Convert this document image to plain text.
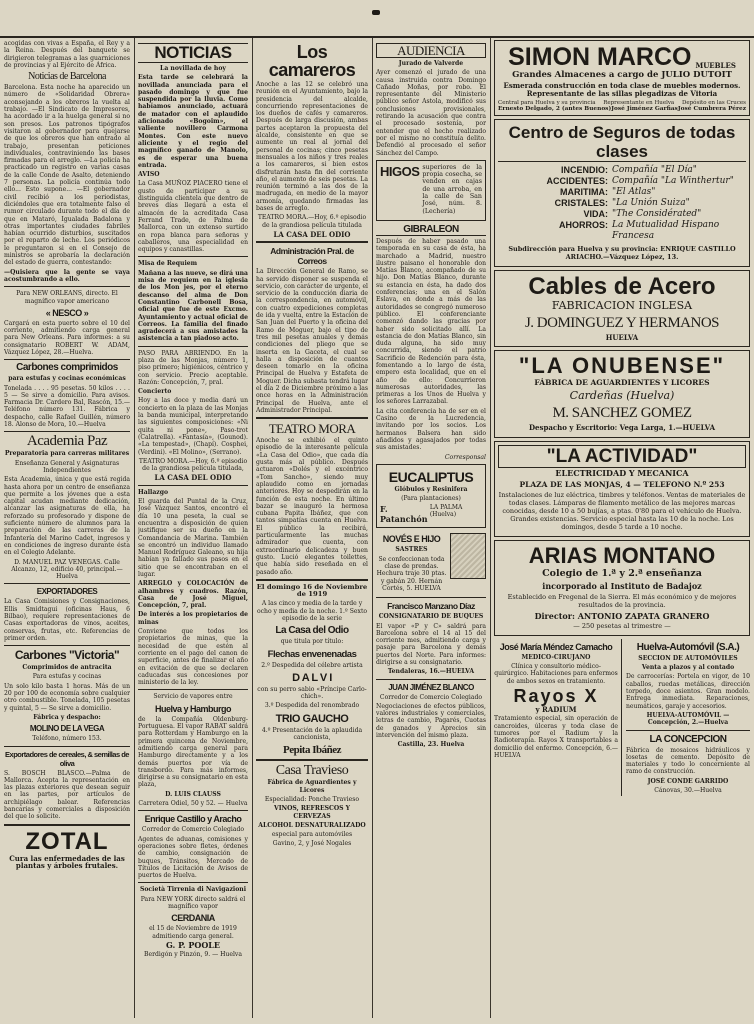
acogidas con vivas a España, el Rey y a la Reina. Después del banquete se dirigieron telegramas a las guarniciones de provincias y al Ejército de África.

Noticias de Barcelona

Barcelona. Esta noche ha aparecido un número de «Solidaridad Obrera» aconsejando a los obreros la vuelta al trabajo. —El Sindicato de Impresores, ha acordado ir a la huelga general si no son presos. Los patronos tipógrafos visitaron al gobernador para quejarse de que los obreros que han entrado al trabajo, presentan peticiones individuales, contraviniendo las bases firmadas para el arreglo. —La policía ha practicado un registro en varias casas de la calle Conde de Asalto, deteniendo 7 personas. La policía continúa todo ello... Esto supone... —El gobernador civil recibió a los periodistas, diciéndoles que era totalmente falso el rumor circulado durante todo el día de que en Mataró, Igualada Badalona y otras importantes ciudades fabriles habían ocurrido disturbios, suscitados por el reparto de leche. Los periódicos le preguntaron si en el Consejo de ministros se aprobaría la declaración del estado de guerra, contestando:

—Quisiera que la gente se vaya acostumbrando a ello.

Para NEW ORLEANS, directo. El magnífico vapor americano

« NESCO »

Cargará en esta puerto sobre el 10 del corriente, admitiendo carga general para New Orleans. Para informes: a su consignatario ROBERT W. ADAM, Vázquez López, 28.—Huelva.

Carbones comprimidos

para estufas y cocinas económicas

Tonelada . . . . 95 pesetas. 50 kilos . . . . 5 — Se sirve a domicilio. Para avisos. Farmacia Dr. Cardero Bal, Rascón, 15.—Teléfono número 131. Fábrica y despacho, calle Rafael Guillén, número 18. Alonso de Mora, 10.—Huelva

Academia Paz

Preparatoria para carreras militares

Enseñanza General y Asignaturas Independientes

Esta Academia, única y que está regida hasta ahora por un centro de enseñanza que permite a los jóvenes que a esta capital acudan mediante dedicación, alcanzar las asignaturas de ella, ha reforzado su profesorado y dispone de suficiente número de alumnos para la preparación de las carreras de la Infantería del Marino Cadet, ingresos y en condiciones de ingreso durante ésta en el Colegio Adelante.

D. MANUEL PAZ VENEGAS. Calle Alcanzo, 12, edificio 40, principal.—Huelva

EXPORTADORES

La Casa Comisiones y Consignaciones, Ellis Smidtagui (oficinas Haus, 6 Bilbao), requiere representaciones de Casas exportadoras de vinos, aceites, conservas, frutas, etc. Referencias de primer orden.

Carbones "Victoria"

Comprimidos de antracita

Para estufas y cocinas

Un solo kilo basta 1 horas. Más de un 20 por 100 de economía sobre cualquier otro combustible. Tonelada, 105 pesetas y quintal, 5 — Se sirve a domicilio.

Fábrica y despacho:

MOLINO DE LA VEGA

Teléfono, número 153.

Exportadores de cereales, & semillas de oliva

S. BOSCH BLASCO.—Palma de Mallorca. Acepta la representación en las plazas exteriores que desean seguir en las partes, por artículos de archipiélago balear. Referencias bancarias y comerciales a disposición del que lo solicite.

ZOTAL

Cura las enfermedades de las plantas y árboles frutales.

NOTICIAS

La novillada de hoy

Esta tarde se celebrará la novillada anunciada para el pasado domingo y que fue suspendida por la lluvia. Como habíamos anunciado, actuará de matador con el aplaudido aficionado «Bogoim», el valiente novillero Carmona Montes. Con este nuevo aliciente y el regio del magnífico ganado de Manolo, es de esperar una buena entrada.

AVISO

La Casa MUÑOZ PIACERO tiene el gusto de participar a su distinguida clientela que dentro de breves días llegará a esta el almacén de la acreditada Casa Ferrand Trade, de Palma de Mallorca, con un extenso surtido en ropa blanca para señoras y caballeros, una especialidad en equipos y canastillas.

Misa de Requiem

Mañana a las nueve, se dirá una misa de requiem en la iglesia de los Mon jes, por el eterno descanso del alma de Don Constantino Carbonell Bosa, oficial que fue de este Excmo. Ayuntamiento y actual oficial de Correos. La familia del finado agradecerá a sus amistades la asistencia a tan piadoso acto.

PASO PARA ABRIENDO. En la plaza de las Monjas, número 1, piso primero; higiénicos, céntrico y con servicio. Precio aceptable. Razón: Concepción, 7, pral.

Concierto

Hoy a las doce y media dará un concierto en la plaza de las Monjas la banda municipal, interpretando las siguientes composiciones: «Ni quita ni pone», Paso-trot (Calatrella). «Fantasía», (Gounod). «La tempestad», (Chapí). Cosphei, (Verdini). «El Molino», (Serrano).

TEATRO MORA.—Hoy, 6.º episodio de la grandiosa película titulada,

LA CASA DEL ODIO

Hallazgo

El guarda del Puntal de la Cruz, José Vázquez Santos, encontró el día 10 una peseta, la cual se encuentra a disposición de quien justifique ser su dueño en la Comandancia de Marina. También se encontró un individuo llamado Manuel Rodríguez Galeano, su hija habían ya fallado sus pasos en el sitio que se encontraban en el lugar.

ARREGLO y COLOCACIÓN de alhambres y cuadros. Razón, Casa de José Miguel, Concepción, 7, pral.

De interés a los propietarios de minas

Conviene que todos los propietarios de minas, que la necesidad de que estén al corriente en el pago del canon de superficie, antes de finalizar el año en evitación de que se declaren caducadas sus concesiones por ministerio de la ley.

Servicio de vapores entre

Huelva y Hamburgo

de la Compañía Oldenburg-Portuguesa. El vapor RABAT saldrá para Rotterdam y Hamburgo en la primera quincena de Noviembre, admitiendo carga general para Hamburgo directamente y a los demás puertos por vía de transbordo. Para más informes, dirigirse a su consignatario en esta plaza,

D. LUIS CLAUSS

Carretera Odiel, 50 y 52. — Huelva

Enrique Castillo y Aracho

Corredor de Comercio Colegiado

Agentes de aduanas, comisiones y operaciones sobre fletes, órdenes de cambio, consignación de buques, Tránsitos, Mercado de Títulos de Licitación de Avisos de puertos de Huelva.

Società Tirrenia di Navigazioni

Para NEW YORK directo saldrá el magnífico vapor

CERDANIA

el 15 de Noviembre de 1919 admitiendo carga general.

G. P. POOLE

Berdigón y Pinzón, 9. — Huelva

Los camareros

Anoche a las 12 se celebró una reunión en el Ayuntamiento, bajo la presidencia del alcalde, concurriendo representaciones de los dueños de cafés y camareros. Después de larga discusión, ambas partes aceptaron la propuesta del alcalde, consistente en que se aumente un real al jornal del personal de cocinas; cinco pesetas mensuales a los niños y tres reales a los camareros, si bien estos disfrutarán hasta fin del corriente año, el aumento de seis pesetas. La reunión terminó a las dos de la madrugada, en medio de la mayor armonía, quedando firmadas las bases de arreglo.

TEATRO MORA.—Hoy, 6.º episodio de la grandiosa película titulada

LA CASA DEL ODIO

Administración Pral. de Correos

La Dirección General de Ramo, se ha servido disponer se suspenda el servicio, con carácter de urgente, el servicio de la conducción diaria de la correspondencia, en automóvil, con cuatro expediciones completas de ida y vuelta, entre la Estación de San Juan del Puerto y la oficina del Ramo de Moguer, bajo el tipo de tres mil pesetas anuales y demás condiciones del pliego que se inserta en la Gaceta, el cual se halla a disposición de cuantos deseen tomarlo en la oficina Principal de Huelva y Estafeta de Moguer. Dicha subasta tendrá lugar el día 2 de Diciembre próximo a las once horas en la Administración Principal de Huelva, ante el Administrador Principal.

TEATRO MORA

Anoche se exhibió el quinto episodio de la interesante película «La Casa del Odio», que cada día gusta más al público. Después actuaron «Dolés y el excéntrico «Tom Sancho», siendo muy aplaudido como en jornadas anteriores. Hoy se despedirán en la función de esta noche. En último bazar se inauguró la hermosa cubana Papita Ibáñez, que con tantos simpatías cuenta en Huelva. El público la recibirá, particularmente las muchas admirador que cuenta, con extraordinario delicadeza y buen gusto. Lució elegantes toilettes, que había sido reseñada en el pasado año.

El domingo 16 de Noviembre de 1919

A las cinco y media de la tarde y ocho y media de la noche. 1.º Sexto episodio de la serie

La Casa del Odio

que titula por título:

Flechas envenenadas

2.º Despedida del célebre artista

D A L V I

con su perro sabio «Príncipe Carlo-chich».

3.º Despedida del renombrado

TRIO GAUCHO

4.º Presentación de la aplaudida cancionista,

Pepita Ibáñez
Casa Travieso

Fábrica de Aguardientes y Licores

Especialidad: Ponche Travieso

VINOS, REFRESCOS Y CERVEZAS

ALCOHOL DESNATURALIZADO

especial para automóviles

Gavino, 2, y José Nogales

AUDIENCIA

Jurado de Valverde

Ayer comenzó el jurado de una causa instruida contra Domingo Cañado Moñas, por robo. El representante del Ministerio público señor Astola, modificó sus conclusiones provisionales, retirando la acusación que contra el procesado sostenía, por entender que el hecho realizado por el mismo no constituía delito. Defendió al procesado el señor Sánchez del Campo.

HIGOS superiores de la propia cosecha, se venden en cajas de una arroba, en la calle de San José, núm. 8. (Lechería)

GIBRALEON

Después de haber pasado una temporada en su casa de ésta, ha marchado a Madrid, nuestro ilustre paisano el honorable don Matías Blanco, acompañado de su hijo. Don Matías Blanco, durante su estancia en ésta, ha dado dos conferencias; una en el Salón Eslava, en donde a más de las autoridades se congregó numeroso público. El conferenciante comenzó dando las gracias por haber sido solicitado allí. La estancia de don Matías Blanco, sin duda alguna, ha sido muy concurrida, siendo el patrio Sacrificio de Redención para ésta, fomentando a lo largo de ésta, empero esta localidad, que en el año de ello: Concurrieron numerosas autoridades, las primeras a los Unos de Huelva y los señores Larrazabal.

La cita conferencia ha de ser en el Casino de la Lucredencia, invitando por los socios. Los hermanos Balsera han sido añadidos y agasajados por todas sus amistades.

Corresponsal

EUCALIPTUS

Glóbulos y Resinifera

(Para plantaciones)

F. Patanchón
LA PALMA (Huelva)
NOVÉS E HIJO

SASTRES

Se confeccionan toda clase de prendas. Hechura traje 30 ptas. y gabán 20. Hernán Cortés, 5. HUELVA

Francisco Manzano Díaz

CONSIGNATARIO DE BUQUES

El vapor «P y C» saldrá para Barcelona sobre el 14 al 15 del corriente mes, admitiendo carga y pasaje para Barcelona y demás puertos del Norte. Para informes: dirigirse a su consignatario.

Tendaleras, 16.—HUELVA

JUAN JIMÉNEZ BLANCO

Corredor de Comercio Colegiado

Negociaciones de efectos públicos, valores industriales y comerciales, letras de cambio, Pagarés, Cuotas de ganados y Aprecios sin intervención del mismo plaza.

Castilla, 23. Huelva

SIMON MARCO MUEBLES

Grandes Almacenes a cargo de JULIO DUTOIT

Esmerada construcción en toda clase de muebles modernos. Representante de las sillas plegadizas de Vitoria

Central para Huelva y su provincia Representante en Huelva Depósito en las Cruces
Ernesto Delgado, 2 (antes Buenos) José Jiménez Garfias José Cumbrera Pérez
Centro de Seguros de todas clases
INCENDIO: Compañía "El Día"
ACCIDENTES: Compañía "La Winthertur"
MARITIMA: "El Atlas"
CRISTALES: "La Unión Suiza"
VIDA: "The Considérated"
AHORROS: La Mutualidad Hispano Francesa

Subdirección para Huelva y su provincia: ENRIQUE CASTILLO ARIACHO.—Vázquez López, 13.

Cables de Acero

FABRICACION INGLESA

J. DOMINGUEZ Y HERMANOS

HUELVA

"LA ONUBENSE"

FÁBRICA DE AGUARDIENTES Y LICORES

Cardeñas (Huelva)

M. SANCHEZ GOMEZ

Despacho y Escritorio: Vega Larga, 1.—HUELVA

"LA ACTIVIDAD"

ELECTRICIDAD Y MECANICA

PLAZA DE LAS MONJAS, 4 — TELEFONO N.º 253

Instalaciones de luz eléctrica, timbres y teléfonos. Ventas de materiales de todas clases. Lámparas de filamento metálico de las mejores marcas conocidas, desde 10 a 50 bujías, a ptas. 0'80 para el vehículo de Huelva. Grandes existencias. Servicio especial hasta las 10 de la noche. Los domingos, desde 5 tarde a 10 noche.

ARIAS MONTANO

Colegio de 1.ª y 2.ª enseñanza

incorporado al Instituto de Badajoz

Establecido en Fregenal de la Sierra. El más económico y de mejores resultados de la provincia.

Director: ANTONIO ZAPATA GRANERO

— 250 pesetas al trimestre —

José María Méndez Camacho

MEDICO-CIRUJANO

Clínica y consultorio médico-quirúrgico. Habitaciones para enfermos de ambos sexos en tratamiento.

Rayos X

y RADIUM

Tratamiento especial, sin operación de cancroides, úlceras y toda clase de tumores por el Radium y la Radioterapia. Rayos X transportables a domicilio del enfermo. Concepción, 6.—HUELVA

Huelva-Automóvil (S.A.)

SECCION DE AUTOMÓVILES

Venta a plazos y al contado

De carrocerías: Portela en vigor, de 10 caballos, ruedas metálicas, dirección torpedo, doce asientos. Gran modelo. Entrega inmediata. Reparaciones, neumáticos, garaje y accesorios.

HUELVA-AUTOMÓVIL — Concepción, 2.—Huelva

LA CONCEPCION

Fábrica de mosaicos hidráulicos y losetas de cemento. Depósito de materiales y todo lo concerniente al ramo de construcción.

JOSÉ CONDE GARRIDO

Cánovas, 30.—Huelva
